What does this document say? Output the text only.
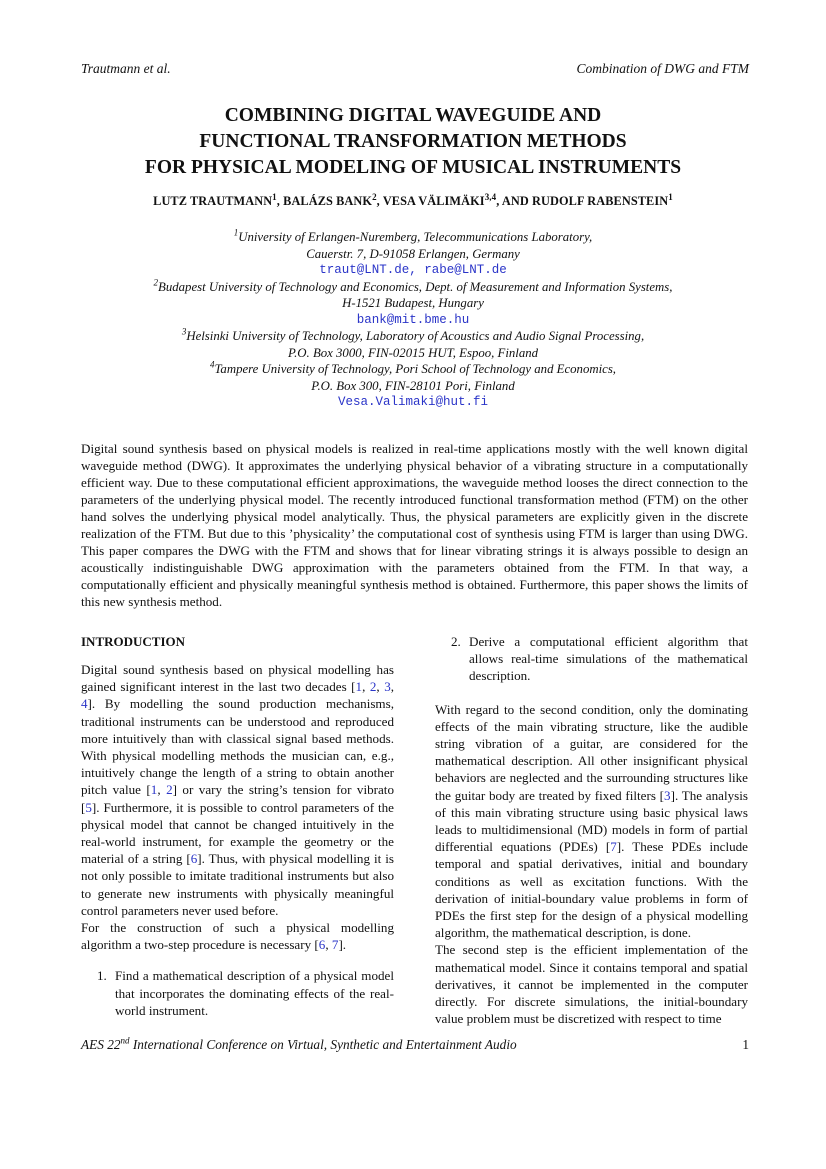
Trautmann et al.	Combination of DWG and FTM
COMBINING DIGITAL WAVEGUIDE AND
FUNCTIONAL TRANSFORMATION METHODS
FOR PHYSICAL MODELING OF MUSICAL INSTRUMENTS
LUTZ TRAUTMANN$^1$, BALÁZS BANK$^2$, VESA VÄLIMÄKI$^{3,4}$, AND RUDOLF RABENSTEIN$^1$
$^1$University of Erlangen-Nuremberg, Telecommunications Laboratory,
Cauerstr. 7, D-91058 Erlangen, Germany
traut@LNT.de, rabe@LNT.de
$^2$Budapest University of Technology and Economics, Dept. of Measurement and Information Systems,
H-1521 Budapest, Hungary
bank@mit.bme.hu
$^3$Helsinki University of Technology, Laboratory of Acoustics and Audio Signal Processing,
P.O. Box 3000, FIN-02015 HUT, Espoo, Finland
$^4$Tampere University of Technology, Pori School of Technology and Economics,
P.O. Box 300, FIN-28101 Pori, Finland
Vesa.Valimaki@hut.fi
Digital sound synthesis based on physical models is realized in real-time applications mostly with the well known digital waveguide method (DWG). It approximates the underlying physical behavior of a vibrating structure in a computationally efficient way. Due to these computational efficient approximations, the waveguide method looses the direct connection to the parameters of the underlying physical model. The recently introduced functional transformation method (FTM) on the other hand solves the underlying physical model analytically. Thus, the physical parameters are explicitly given in the discrete realization of the FTM. But due to this ’physicality’ the computational cost of synthesis using FTM is larger than using DWG. This paper compares the DWG with the FTM and shows that for linear vibrating strings it is always possible to design an acoustically indistinguishable DWG approximation with the parameters obtained from the FTM. In that way, a computationally efficient and physically meaningful synthesis method is obtained. Furthermore, this paper shows the limits of this new synthesis method.
INTRODUCTION

Digital sound synthesis based on physical modelling has gained significant interest in the last two decades [1, 2, 3, 4]. By modelling the sound production mechanisms, traditional instruments can be understood and reproduced more intuitively than with classical signal based methods. With physical modelling methods the musician can, e.g., intuitively change the length of a string to obtain another pitch value [1, 2] or vary the string’s tension for vibrato [5]. Furthermore, it is possible to control parameters of the physical model that cannot be changed intuitively in the real-world instrument, for example the geometry or the material of a string [6]. Thus, with physical modelling it is not only possible to imitate traditional instruments but also to generate new instruments with physically meaningful control parameters never used before.

For the construction of such a physical modelling algorithm a two-step procedure is necessary [6, 7].

1. Find a mathematical description of a physical model that incorporates the dominating effects of the real-world instrument.
2. Derive a computational efficient algorithm that allows real-time simulations of the mathematical description.

With regard to the second condition, only the dominating effects of the main vibrating structure, like the audible string vibration of a guitar, are considered for the mathematical description. All other insignificant physical behaviors are neglected and the surrounding structures like the guitar body are treated by fixed filters [3]. The analysis of this main vibrating structure using basic physical laws leads to multidimensional (MD) models in form of partial differential equations (PDEs) [7]. These PDEs include temporal and spatial derivatives, initial and boundary conditions as well as excitation functions. With the derivation of initial-boundary value problems in form of PDEs the first step for the design of a physical modelling algorithm, the mathematical description, is done.

The second step is the efficient implementation of the mathematical model. Since it contains temporal and spatial derivatives, it cannot be implemented in the computer directly. For discrete simulations, the initial-boundary value problem must be discretized with respect to time

AES 22nd International Conference on Virtual, Synthetic and Entertainment Audio	1
